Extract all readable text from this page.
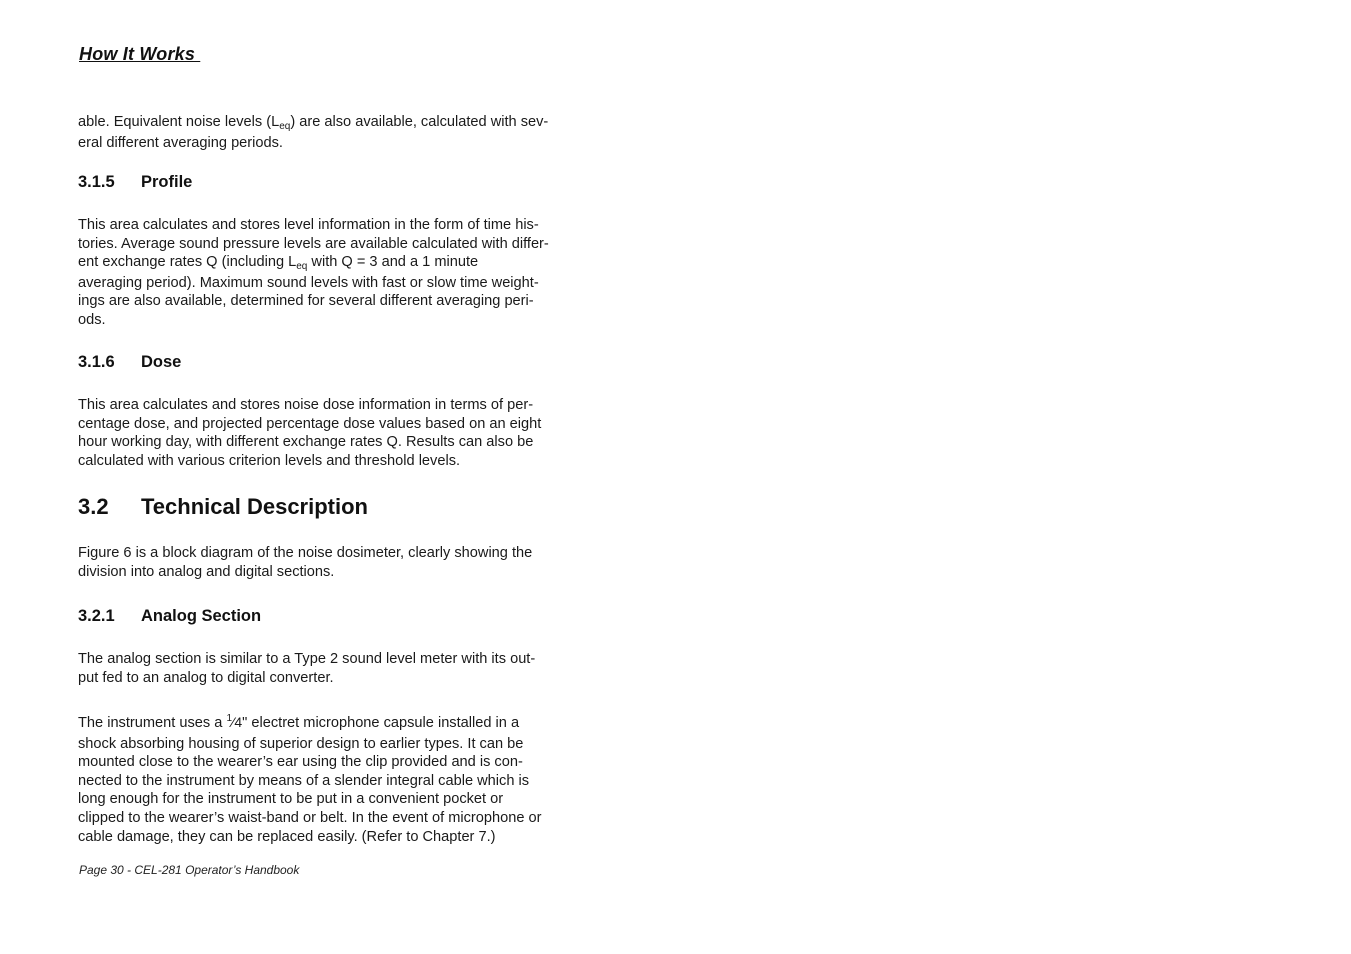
How It Works

able. Equivalent noise levels $(L_{eq})$ are also available, calculated with sev-
eral different averaging periods.

3.1.5 Profile

This area calculates and stores level information in the form of time his-
tories. Average sound pressure levels are available calculated with differ-
ent exchange rates Q (including $L_{eq}$ with Q = 3 and a 1 minute
averaging period). Maximum sound levels with fast or slow time weight-
ings are also available, determined for several different averaging peri-
ods.

3.1.6 Dose

This area calculates and stores noise dose information in terms of per-
centage dose, and projected percentage dose values based on an eight
hour working day, with different exchange rates Q. Results can also be
calculated with various criterion levels and threshold levels.

3.2 Technical Description

Figure 6 is a block diagram of the noise dosimeter, clearly showing the
division into analog and digital sections.

3.2.1 Analog Section

The analog section is similar to a Type 2 sound level meter with its out-
put fed to an analog to digital converter.

The instrument uses a $^1$⁄4" electret microphone capsule installed in a
shock absorbing housing of superior design to earlier types. It can be
mounted close to the wearer’s ear using the clip provided and is con-
nected to the instrument by means of a slender integral cable which is
long enough for the instrument to be put in a convenient pocket or
clipped to the wearer’s waist-band or belt. In the event of microphone or
cable damage, they can be replaced easily. (Refer to Chapter 7.)

Page 30 - CEL-281 Operator’s Handbook
